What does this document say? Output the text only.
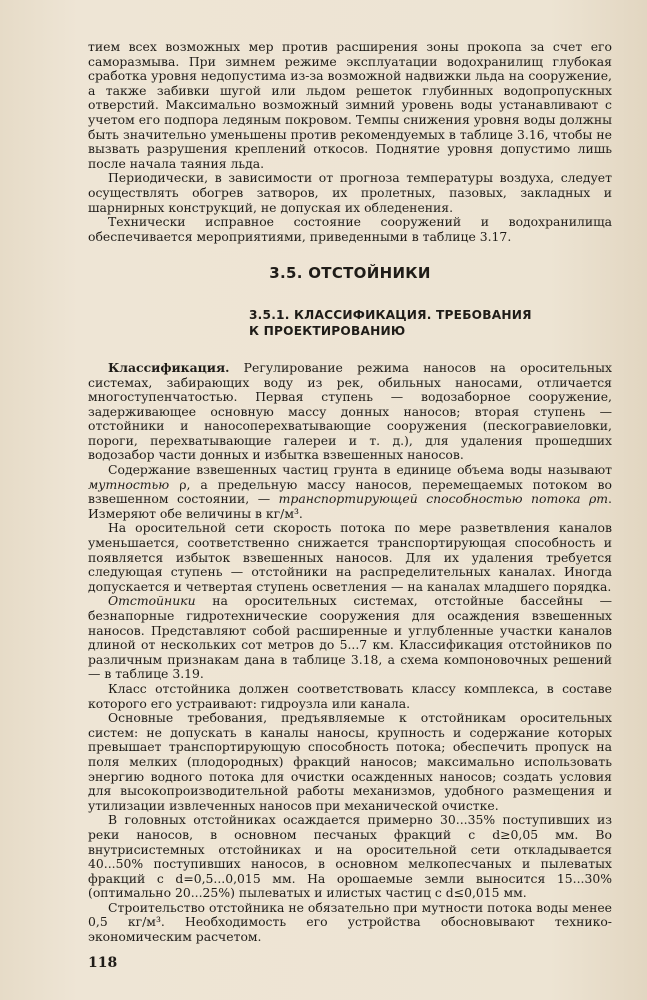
тием всех возможных мер против расширения зоны прокопа за счет его саморазмыва. При зимнем режиме эксплуатации водохранилищ глубокая сработка уровня недопустима из-за возможной надвижки льда на сооружение, а также забивки шугой или льдом решеток глубинных водопропускных отверстий. Максимально возможный зимний уровень воды устанавливают с учетом его подпора ледяным покровом. Темпы снижения уровня воды должны быть значительно уменьшены против рекомендуемых в таблице 3.16, чтобы не вызвать разрушения креплений откосов. Поднятие уровня допустимо лишь после начала таяния льда.

Периодически, в зависимости от прогноза температуры воздуха, следует осуществлять обогрев затворов, их пролетных, пазовых, закладных и шарнирных конструкций, не допуская их обледенения.

Технически исправное состояние сооружений и водохранилища обеспечивается мероприятиями, приведенными в таблице 3.17.

3.5. ОТСТОЙНИКИ
3.5.1. КЛАССИФИКАЦИЯ. ТРЕБОВАНИЯ
К ПРОЕКТИРОВАНИЮ

Классификация. Регулирование режима наносов на оросительных системах, забирающих воду из рек, обильных наносами, отличается многоступенчатостью. Первая ступень — водозаборное сооружение, задерживающее основную массу донных наносов; вторая ступень — отстойники и наноcоперехватывающие сооружения (пескогравиеловки, пороги, перехватывающие галереи и т. д.), для удаления прошедших водозабор части донных и избытка взвешенных наносов.

Содержание взвешенных частиц грунта в единице объема воды называют мутностью ρ, а предельную массу наносов, перемещаемых потоком во взвешенном состоянии, — транспортирующей способностью потока ρт. Измеряют обе величины в кг/м³.

На оросительной сети скорость потока по мере разветвления каналов уменьшается, соответственно снижается транспортирующая способность и появляется избыток взвешенных наносов. Для их удаления требуется следующая ступень — отстойники на распределительных каналах. Иногда допускается и четвертая ступень осветления — на каналах младшего порядка.

Отстойники на оросительных системах, отстойные бассейны — безнапорные гидротехнические сооружения для осаждения взвешенных наносов. Представляют собой расширенные и углубленные участки каналов длиной от нескольких сот метров до 5...7 км. Классификация отстойников по различным признакам дана в таблице 3.18, а схема компоновочных решений — в таблице 3.19.

Класс отстойника должен соответствовать классу комплекса, в составе которого его устраивают: гидроузла или канала.

Основные требования, предъявляемые к отстойникам оросительных систем: не допускать в каналы наносы, крупность и содержание которых превышает транспортирующую способность потока; обеспечить пропуск на поля мелких (плодородных) фракций наносов; максимально использовать энергию водного потока для очистки осажденных наносов; создать условия для высокопроизводительной работы механизмов, удобного размещения и утилизации извлеченных наносов при механической очистке.

В головных отстойниках осаждается примерно 30...35% поступивших из реки наносов, в основном песчаных фракций с d≥0,05 мм. Во внутрисистемных отстойниках и на оросительной сети откладывается 40...50% поступивших наносов, в основном мелкопесчаных и пылеватых фракций с d=0,5...0,015 мм. На орошаемые земли выносится 15...30% (оптимально 20...25%) пылеватых и илистых частиц с d≤0,015 мм.

Строительство отстойника не обязательно при мутности потока воды менее 0,5 кг/м³. Необходимость его устройства обосновывают технико-экономическим расчетом.

118
